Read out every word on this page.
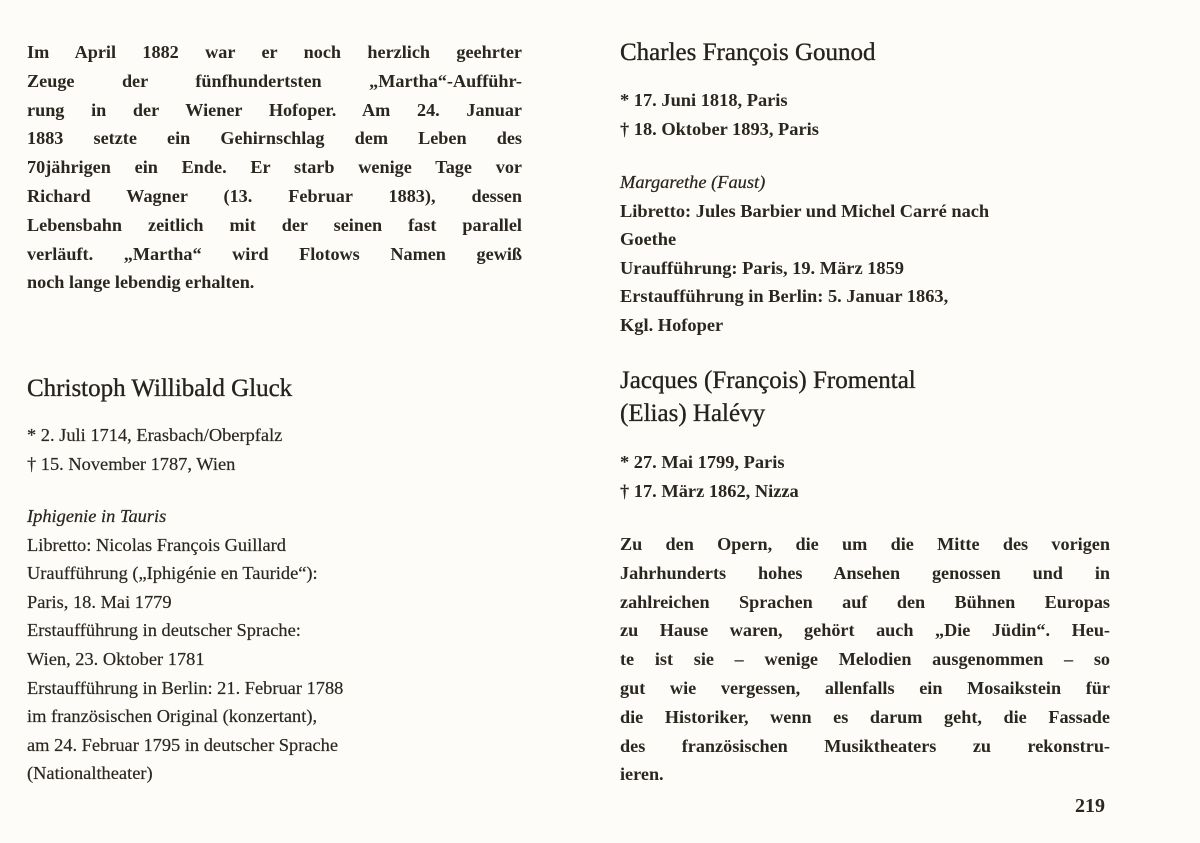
Im April 1882 war er noch herzlich geehrter
Zeuge der fünfhundertsten „Martha“-Aufführ-
rung in der Wiener Hofoper. Am 24. Januar
1883 setzte ein Gehirnschlag dem Leben des
70jährigen ein Ende. Er starb wenige Tage vor
Richard Wagner (13. Februar 1883), dessen
Lebensbahn zeitlich mit der seinen fast parallel
verläuft. „Martha“ wird Flotows Namen gewiß
noch lange lebendig erhalten.
Christoph Willibald Gluck
* 2. Juli 1714, Erasbach/Oberpfalz
† 15. November 1787, Wien
Iphigenie in Tauris
Libretto: Nicolas François Guillard
Uraufführung („Iphigénie en Tauride“):
Paris, 18. Mai 1779
Erstaufführung in deutscher Sprache:
Wien, 23. Oktober 1781
Erstaufführung in Berlin: 21. Februar 1788
im französischen Original (konzertant),
am 24. Februar 1795 in deutscher Sprache
(Nationaltheater)
Charles François Gounod
* 17. Juni 1818, Paris
† 18. Oktober 1893, Paris
Margarethe (Faust)
Libretto: Jules Barbier und Michel Carré nach
Goethe
Uraufführung: Paris, 19. März 1859
Erstaufführung in Berlin: 5. Januar 1863,
Kgl. Hofoper
Jacques (François) Fromental
(Elias) Halévy
* 27. Mai 1799, Paris
† 17. März 1862, Nizza
Zu den Opern, die um die Mitte des vorigen
Jahrhunderts hohes Ansehen genossen und in
zahlreichen Sprachen auf den Bühnen Europas
zu Hause waren, gehört auch „Die Jüdin“. Heu-
te ist sie – wenige Melodien ausgenommen – so
gut wie vergessen, allenfalls ein Mosaikstein für
die Historiker, wenn es darum geht, die Fassade
des französischen Musiktheaters zu rekonstru-
ieren.
219
